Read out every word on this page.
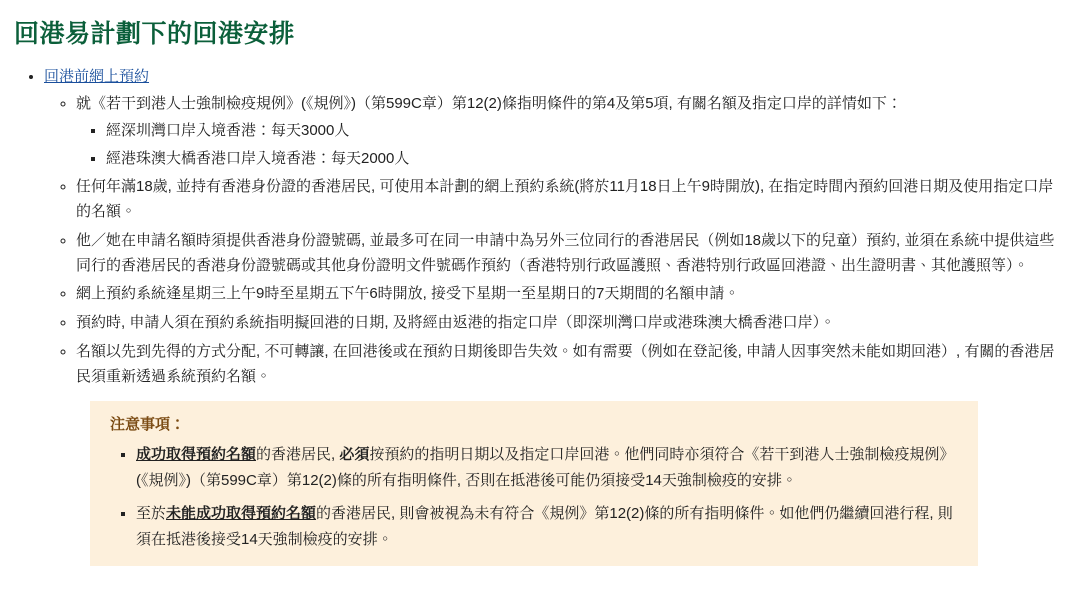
回港易計劃下的回港安排
• 回港前網上預約
◦ 就《若干到港人士強制檢疫規例》(《規例》)（第599C章）第12(2)條指明條件的第4及第5項, 有關名額及指定口岸的詳情如下：
▪ 經深圳灣口岸入境香港：每天3000人
▪ 經港珠澳大橋香港口岸入境香港：每天2000人
◦ 任何年滿18歲, 並持有香港身份證的香港居民, 可使用本計劃的網上預約系統(將於11月18日上午9時開放), 在指定時間內預約回港日期及使用指定口岸的名額。
◦ 他／她在申請名額時須提供香港身份證號碼, 並最多可在同一申請中為另外三位同行的香港居民（例如18歲以下的兒童）預約, 並須在系統中提供這些同行的香港居民的香港身份證號碼或其他身份證明文件號碼作預約（香港特別行政區護照、香港特別行政區回港證、出生證明書、其他護照等）。
◦ 網上預約系統逢星期三上午9時至星期五下午6時開放, 接受下星期一至星期日的7天期間的名額申請。
◦ 預約時, 申請人須在預約系統指明擬回港的日期, 及將經由返港的指定口岸（即深圳灣口岸或港珠澳大橋香港口岸）。
◦ 名額以先到先得的方式分配, 不可轉讓, 在回港後或在預約日期後即告失效。如有需要（例如在登記後, 申請人因事突然未能如期回港）, 有關的香港居民須重新透過系統預約名額。
注意事項：
▪ 成功取得預約名額的香港居民, 必須按預約的指明日期以及指定口岸回港。他們同時亦須符合《若干到港人士強制檢疫規例》(《規例》)（第599C章）第12(2)條的所有指明條件, 否則在抵港後可能仍須接受14天強制檢疫的安排。
▪ 至於未能成功取得預約名額的香港居民, 則會被視為未有符合《規例》第12(2)條的所有指明條件。如他們仍繼續回港行程, 則須在抵港後接受14天強制檢疫的安排。
